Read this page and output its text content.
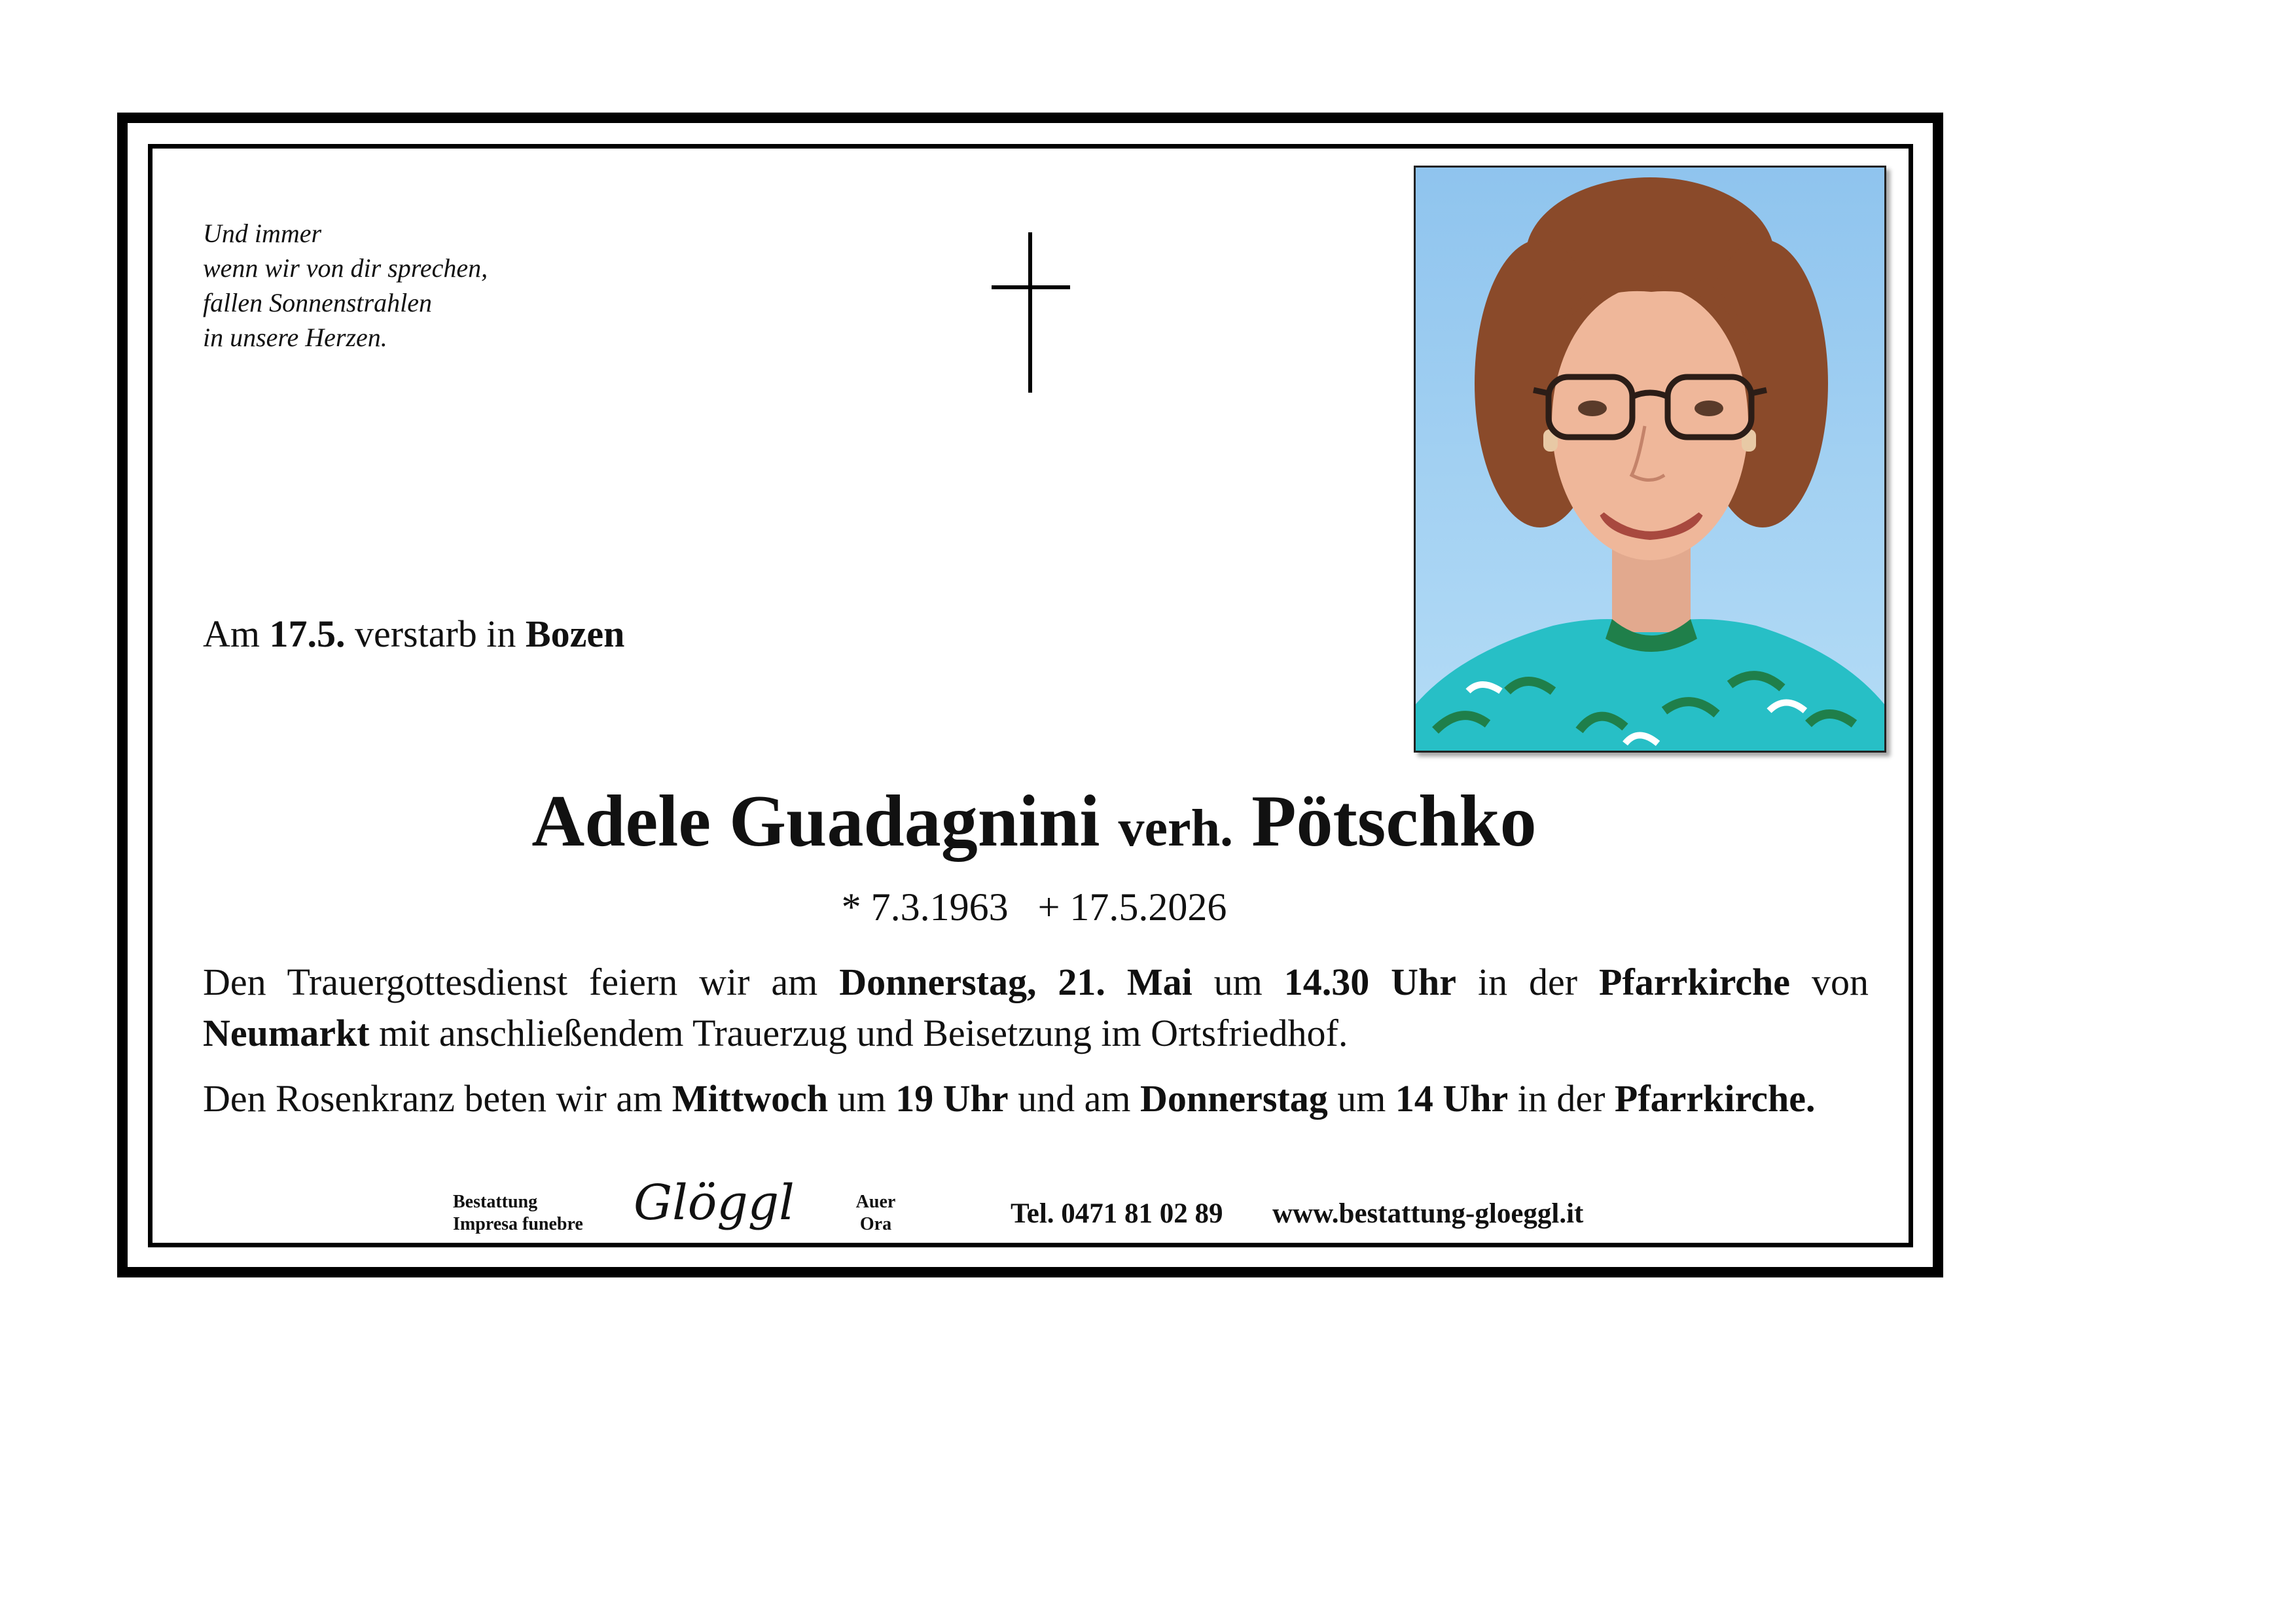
Und immer
wenn wir von dir sprechen,
fallen Sonnenstrahlen
in unsere Herzen.
Am 17.5. verstarb in Bozen
Adele Guadagnini verh. Pötschko
* 7.3.1963 + 17.5.2026
Den Trauergottesdienst feiern wir am Donnerstag, 21. Mai um 14.30 Uhr in der Pfarrkirche von Neumarkt mit anschließendem Trauerzug und Beisetzung im Ortsfriedhof.
Den Rosenkranz beten wir am Mittwoch um 19 Uhr und am Donnerstag um 14 Uhr in der Pfarrkirche.
Bestattung
Impresa funebre Glöggl	Auer
Ora	Tel. 0471 81 02 89 www.bestattung-gloeggl.it
